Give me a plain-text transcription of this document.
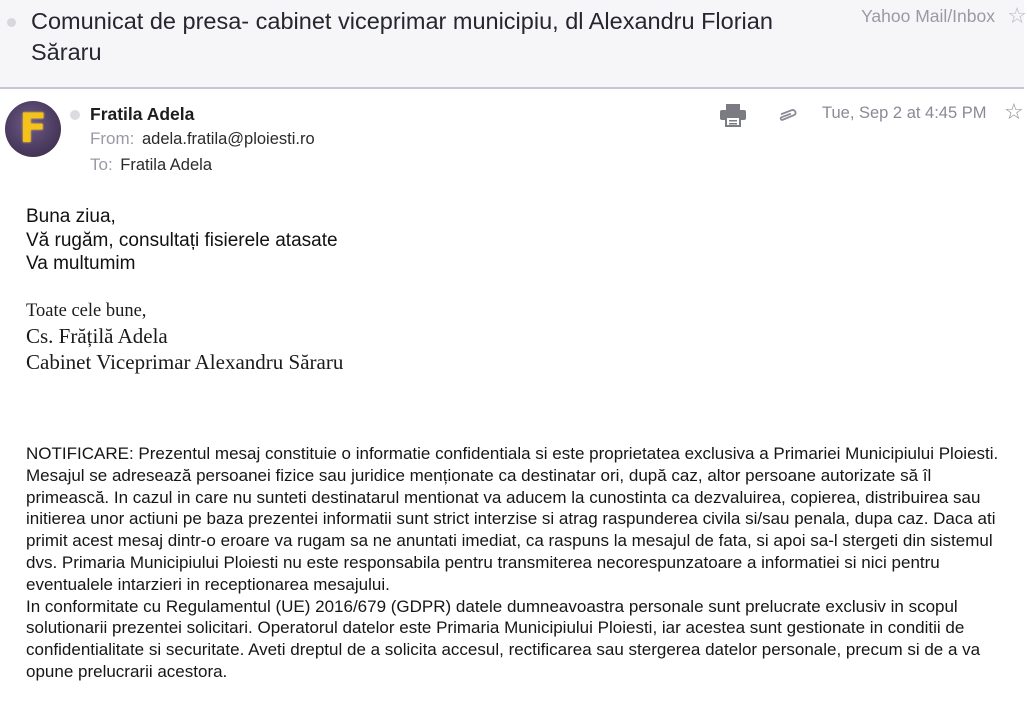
Comunicat de presa- cabinet viceprimar municipiu, dl Alexandru Florian Săraru
Yahoo Mail/Inbox ☆
F	Fratila Adela
From: adela.fratila@ploiesti.ro
To: Fratila Adela
Tue, Sep 2 at 4:45 PM ☆
Buna ziua,
Vă rugăm, consultați fisierele atasate
Va multumim
Toate cele bune,
Cs. Frățilă Adela
Cabinet Viceprimar Alexandru Săraru

NOTIFICARE: Prezentul mesaj constituie o informatie confidentiala si este proprietatea exclusiva a Primariei Municipiului Ploiesti. Mesajul se adresează persoanei fizice sau juridice menționate ca destinatar ori, după caz, altor persoane autorizate să îl primească. In cazul in care nu sunteti destinatarul mentionat va aducem la cunostinta ca dezvaluirea, copierea, distribuirea sau initierea unor actiuni pe baza prezentei informatii sunt strict interzise si atrag raspunderea civila si/sau penala, dupa caz. Daca ati primit acest mesaj dintr-o eroare va rugam sa ne anuntati imediat, ca raspuns la mesajul de fata, si apoi sa-l stergeti din sistemul dvs. Primaria Municipiului Ploiesti nu este responsabila pentru transmiterea necorespunzatoare a informatiei si nici pentru eventualele intarzieri in receptionarea mesajului.

In conformitate cu Regulamentul (UE) 2016/679 (GDPR) datele dumneavoastra personale sunt prelucrate exclusiv in scopul solutionarii prezentei solicitari. Operatorul datelor este Primaria Municipiului Ploiesti, iar acestea sunt gestionate in conditii de confidentialitate si securitate. Aveti dreptul de a solicita accesul, rectificarea sau stergerea datelor personale, precum si de a va opune prelucrarii acestora.
